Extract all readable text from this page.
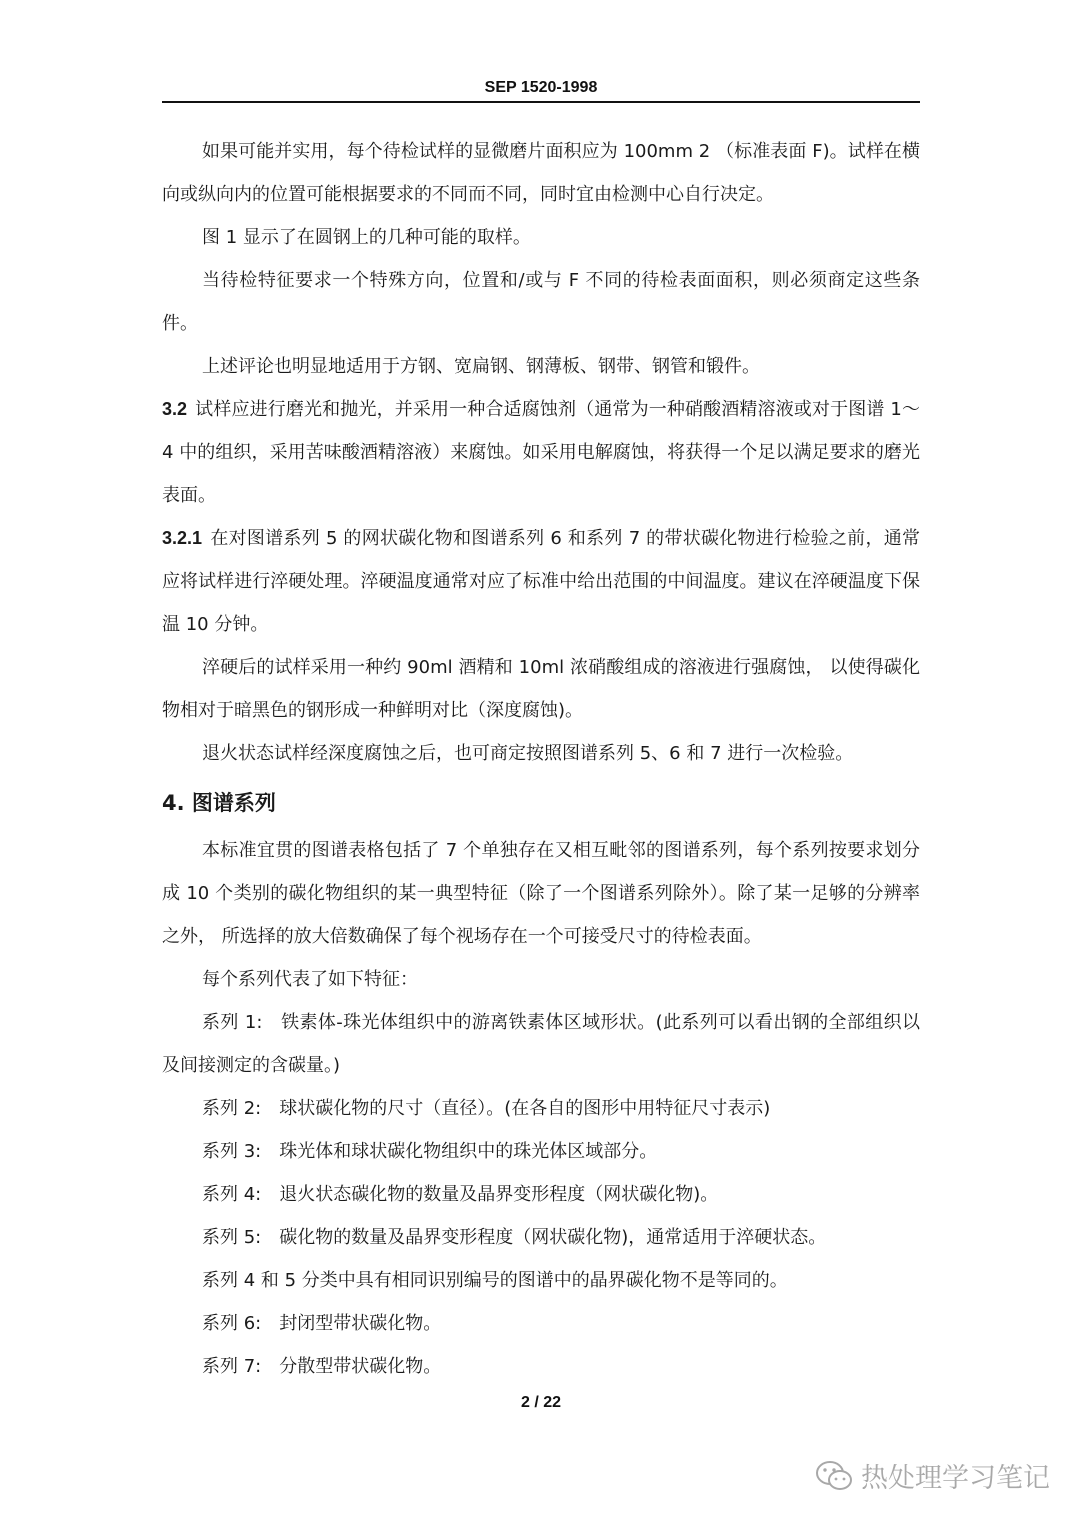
SEP 1520-1998

如果可能并实用，每个待检试样的显微磨片面积应为 100mm 2 （标准表面 F)。试样在横向或纵向内的位置可能根据要求的不同而不同，同时宜由检测中心自行决定。

图 1 显示了在圆钢上的几种可能的取样。

当待检特征要求一个特殊方向，位置和/或与 F 不同的待检表面面积，则必须商定这些条件。

上述评论也明显地适用于方钢、宽扁钢、钢薄板、钢带、钢管和锻件。

3.2 试样应进行磨光和抛光，并采用一种合适腐蚀剂（通常为一种硝酸酒精溶液或对于图谱 1～4 中的组织，采用苦味酸酒精溶液）来腐蚀。如采用电解腐蚀，将获得一个足以满足要求的磨光表面。

3.2.1 在对图谱系列 5 的网状碳化物和图谱系列 6 和系列 7 的带状碳化物进行检验之前，通常应将试样进行淬硬处理。淬硬温度通常对应了标准中给出范围的中间温度。建议在淬硬温度下保温 10 分钟。

淬硬后的试样采用一种约 90ml 酒精和 10ml 浓硝酸组成的溶液进行强腐蚀， 以使得碳化物相对于暗黑色的钢形成一种鲜明对比（深度腐蚀)。

退火状态试样经深度腐蚀之后，也可商定按照图谱系列 5、6 和 7 进行一次检验。

4. 图谱系列

本标准宜贯的图谱表格包括了 7 个单独存在又相互毗邻的图谱系列，每个系列按要求划分成 10 个类别的碳化物组织的某一典型特征（除了一个图谱系列除外）。除了某一足够的分辨率之外， 所选择的放大倍数确保了每个视场存在一个可接受尺寸的待检表面。

每个系列代表了如下特征：

系列 1:　铁素体-珠光体组织中的游离铁素体区域形状。(此系列可以看出钢的全部组织以及间接测定的含碳量。)

系列 2:　球状碳化物的尺寸（直径）。(在各自的图形中用特征尺寸表示)

系列 3:　珠光体和球状碳化物组织中的珠光体区域部分。

系列 4:　退火状态碳化物的数量及晶界变形程度（网状碳化物)。

系列 5:　碳化物的数量及晶界变形程度（网状碳化物)，通常适用于淬硬状态。

系列 4 和 5 分类中具有相同识别编号的图谱中的晶界碳化物不是等同的。

系列 6:　封闭型带状碳化物。

系列 7:　分散型带状碳化物。

2 / 22
热处理学习笔记
